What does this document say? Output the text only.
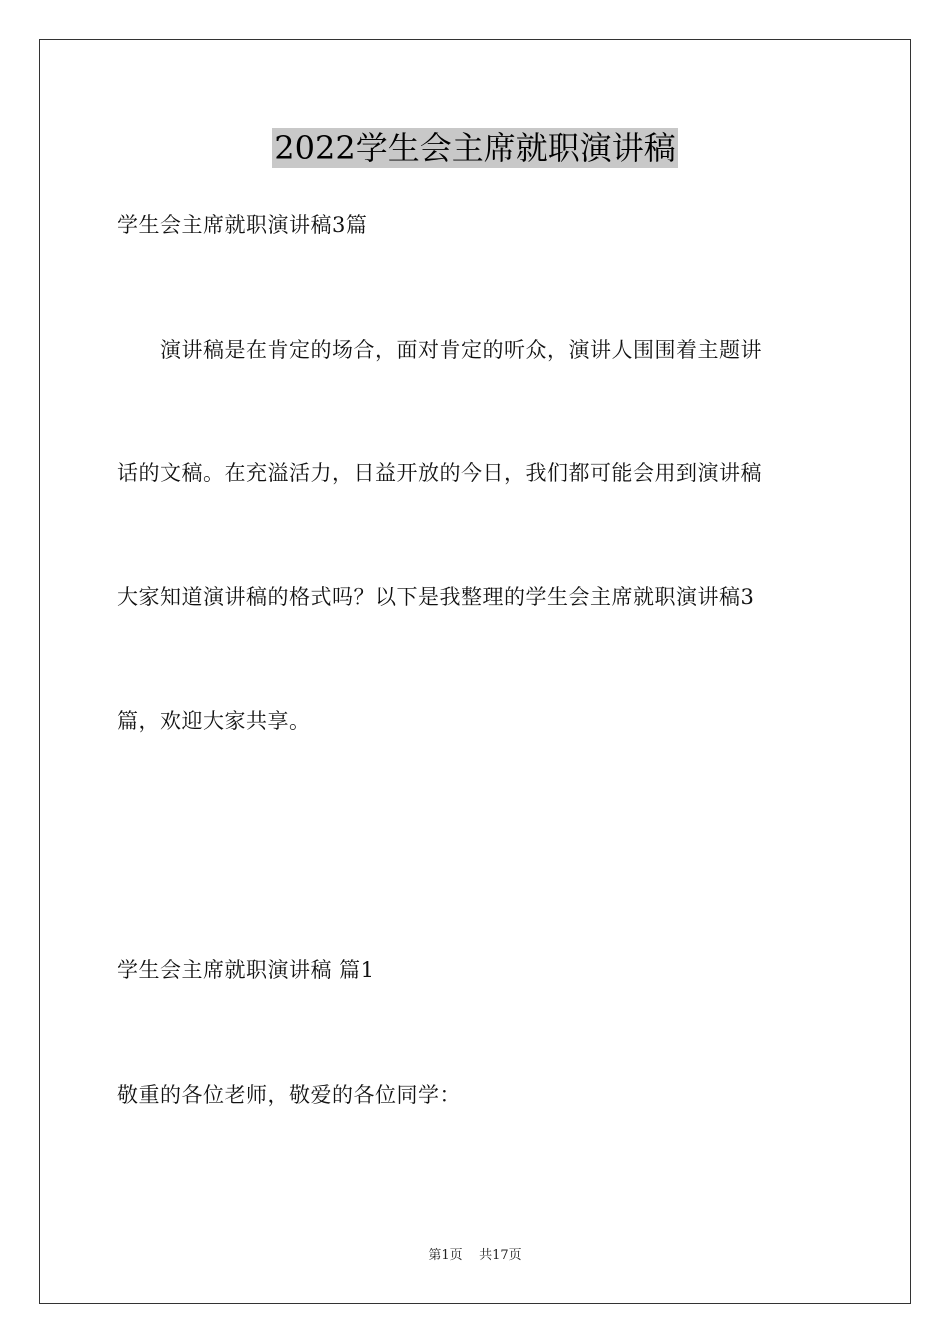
2022学生会主席就职演讲稿
学生会主席就职演讲稿3篇
　　演讲稿是在肯定的场合，面对肯定的听众，演讲人围围着主题讲
话的文稿。在充溢活力，日益开放的今日，我们都可能会用到演讲稿
大家知道演讲稿的格式吗？以下是我整理的学生会主席就职演讲稿3
篇，欢迎大家共享。
学生会主席就职演讲稿 篇1
敬重的各位老师，敬爱的各位同学：
第1页 共17页
